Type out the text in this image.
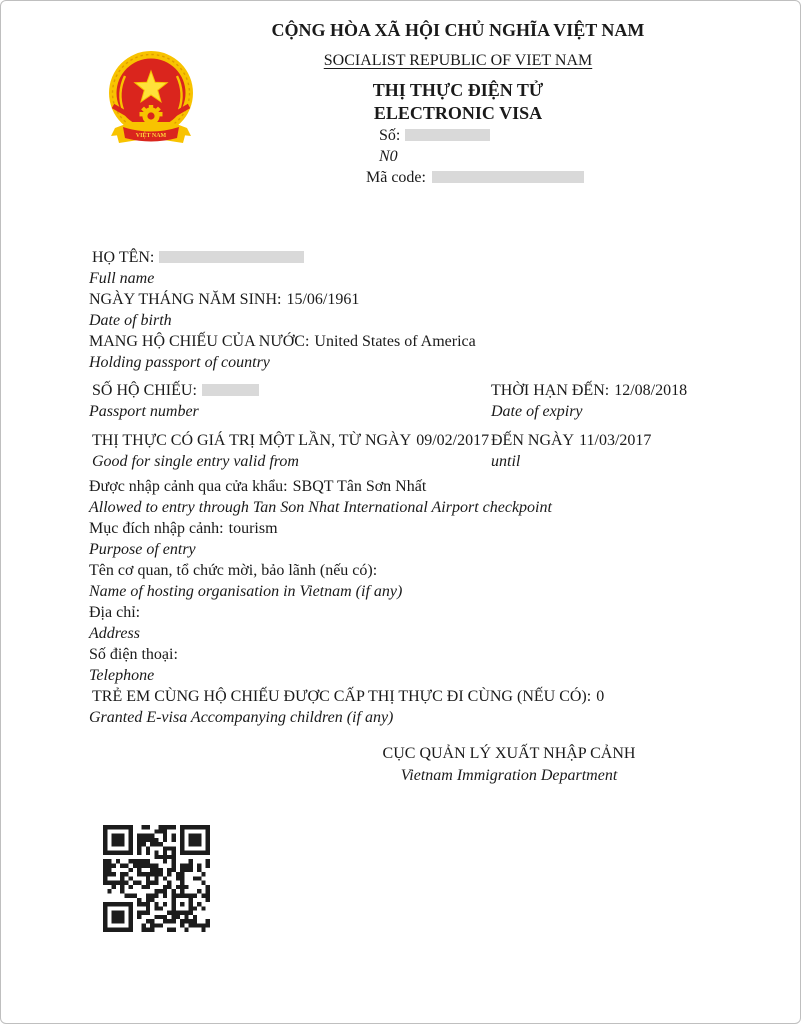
VIỆT NAM
CỘNG HÒA XÃ HỘI CHỦ NGHĨA VIỆT NAM
SOCIALIST REPUBLIC OF VIET NAM
THỊ THỰC ĐIỆN TỬ
ELECTRONIC VISA
Số:
N0
Mã code:
HỌ TÊN:
Full name
NGÀY THÁNG NĂM SINH: 15/06/1961
Date of birth
MANG HỘ CHIẾU CỦA NƯỚC: United States of America
Holding passport of country
SỐ HỘ CHIẾU:
Passport number
THỜI HẠN ĐẾN: 12/08/2018
Date of expiry
THỊ THỰC CÓ GIÁ TRỊ MỘT LẦN, TỪ NGÀY 09/02/2017
Good for single entry valid from
ĐẾN NGÀY 11/03/2017
until
Được nhập cảnh qua cửa khẩu: SBQT Tân Sơn Nhất
Allowed to entry through Tan Son Nhat International Airport checkpoint
Mục đích nhập cảnh: tourism
Purpose of entry
Tên cơ quan, tổ chức mời, bảo lãnh (nếu có):
Name of hosting organisation in Vietnam (if any)
Địa chỉ:
Address
Số điện thoại:
Telephone
TRẺ EM CÙNG HỘ CHIẾU ĐƯỢC CẤP THỊ THỰC ĐI CÙNG (NẾU CÓ): 0
Granted E-visa Accompanying children (if any)
CỤC QUẢN LÝ XUẤT NHẬP CẢNH
Vietnam Immigration Department
